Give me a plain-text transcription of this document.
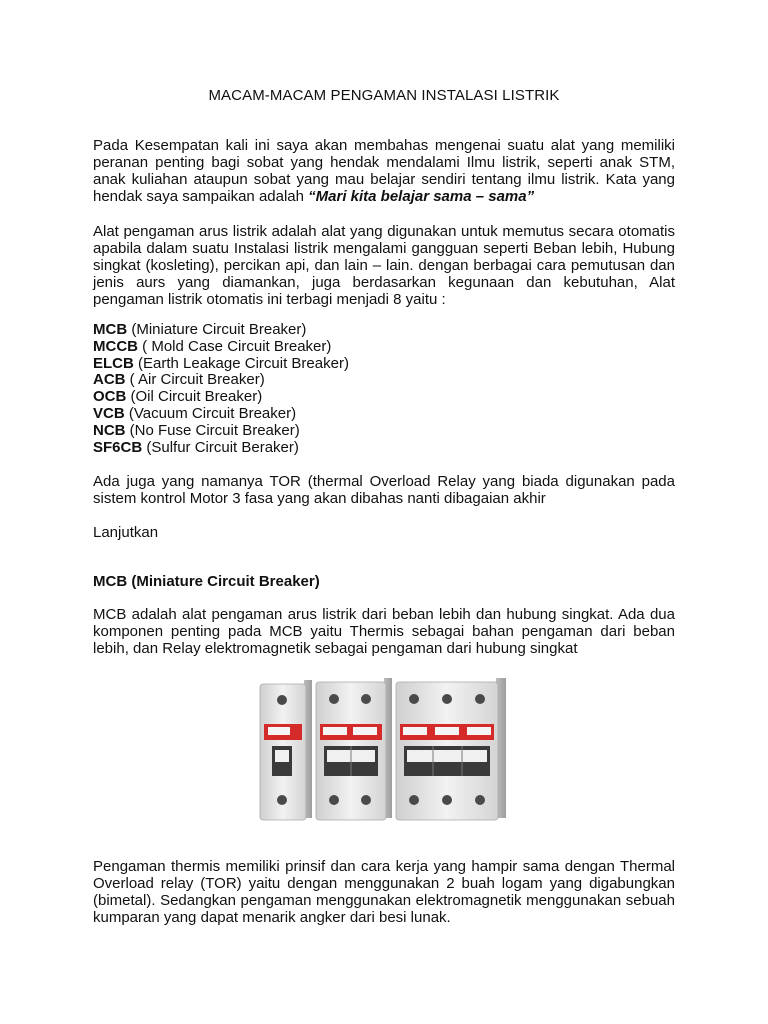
MACAM-MACAM PENGAMAN INSTALASI LISTRIK
Pada Kesempatan kali ini saya akan membahas mengenai suatu alat yang memiliki peranan penting bagi sobat yang hendak mendalami Ilmu listrik, seperti anak STM, anak kuliahan ataupun sobat yang mau belajar sendiri tentang ilmu listrik. Kata yang hendak saya sampaikan adalah “Mari kita belajar sama – sama”
Alat pengaman arus listrik adalah alat yang digunakan untuk memutus secara otomatis apabila dalam suatu Instalasi listrik mengalami gangguan seperti Beban lebih, Hubung singkat (kosleting), percikan api, dan lain – lain. dengan berbagai cara pemutusan dan jenis aurs yang diamankan, juga berdasarkan kegunaan dan kebutuhan, Alat pengaman listrik otomatis ini terbagi menjadi 8 yaitu :
MCB (Miniature Circuit Breaker)
MCCB ( Mold Case Circuit Breaker)
ELCB (Earth Leakage Circuit Breaker)
ACB ( Air Circuit Breaker)
OCB (Oil Circuit Breaker)
VCB (Vacuum Circuit Breaker)
NCB (No Fuse Circuit Breaker)
SF6CB (Sulfur Circuit Beraker)
Ada juga yang namanya TOR (thermal Overload Relay yang biada digunakan pada sistem kontrol Motor 3 fasa yang akan dibahas nanti dibagaian akhir
Lanjutkan
MCB (Miniature Circuit Breaker)
MCB adalah alat pengaman arus listrik dari beban lebih dan hubung singkat. Ada dua komponen penting pada MCB yaitu Thermis sebagai bahan pengaman dari beban lebih, dan Relay elektromagnetik sebagai pengaman dari hubung singkat
Pengaman thermis memiliki prinsif dan cara kerja yang hampir sama dengan Thermal Overload relay (TOR) yaitu dengan menggunakan 2 buah logam yang digabungkan (bimetal). Sedangkan pengaman menggunakan elektromagnetik menggunakan sebuah kumparan yang dapat menarik angker dari besi lunak.
